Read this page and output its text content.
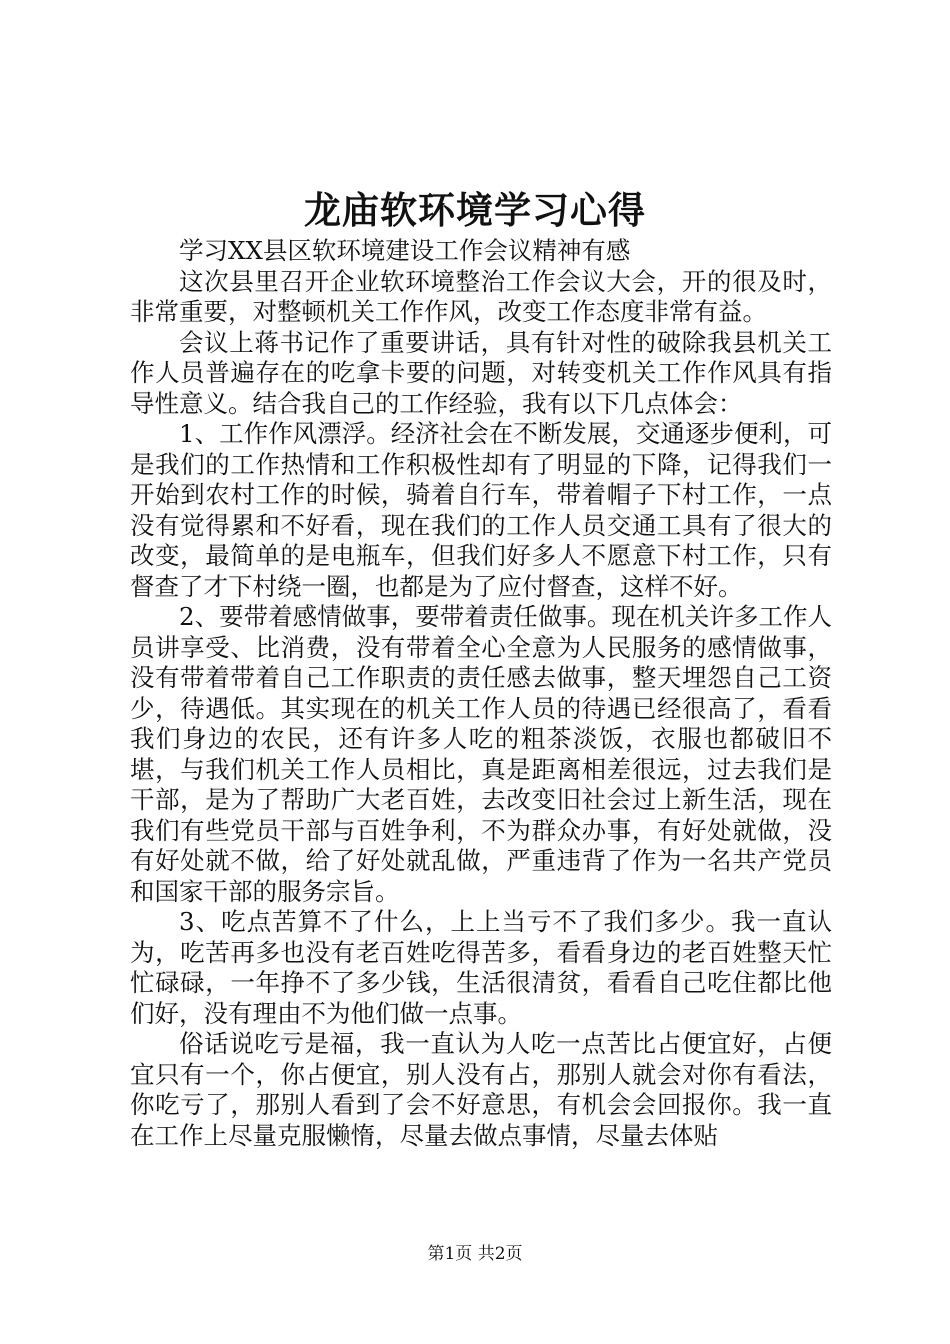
龙庙软环境学习心得

学习XX县区软环境建设工作会议精神有感

这次县里召开企业软环境整治工作会议大会，开的很及时，非常重要，对整顿机关工作作风，改变工作态度非常有益。

会议上蒋书记作了重要讲话，具有针对性的破除我县机关工作人员普遍存在的吃拿卡要的问题，对转变机关工作作风具有指导性意义。结合我自己的工作经验，我有以下几点体会：

1、工作作风漂浮。经济社会在不断发展，交通逐步便利，可是我们的工作热情和工作积极性却有了明显的下降，记得我们一开始到农村工作的时候，骑着自行车，带着帽子下村工作，一点没有觉得累和不好看，现在我们的工作人员交通工具有了很大的改变，最简单的是电瓶车，但我们好多人不愿意下村工作，只有督查了才下村绕一圈，也都是为了应付督查，这样不好。

2、要带着感情做事，要带着责任做事。现在机关许多工作人员讲享受、比消费，没有带着全心全意为人民服务的感情做事，没有带着带着自己工作职责的责任感去做事，整天埋怨自己工资少，待遇低。其实现在的机关工作人员的待遇已经很高了，看看我们身边的农民，还有许多人吃的粗茶淡饭，衣服也都破旧不堪，与我们机关工作人员相比，真是距离相差很远，过去我们是干部，是为了帮助广大老百姓，去改变旧社会过上新生活，现在我们有些党员干部与百姓争利，不为群众办事，有好处就做，没有好处就不做，给了好处就乱做，严重违背了作为一名共产党员和国家干部的服务宗旨。

3、吃点苦算不了什么，上上当亏不了我们多少。我一直认为，吃苦再多也没有老百姓吃得苦多，看看身边的老百姓整天忙忙碌碌，一年挣不了多少钱，生活很清贫，看看自己吃住都比他们好，没有理由不为他们做一点事。

俗话说吃亏是福，我一直认为人吃一点苦比占便宜好，占便宜只有一个，你占便宜，别人没有占，那别人就会对你有看法，你吃亏了，那别人看到了会不好意思，有机会会回报你。我一直在工作上尽量克服懒惰，尽量去做点事情，尽量去体贴

第1页 共2页
